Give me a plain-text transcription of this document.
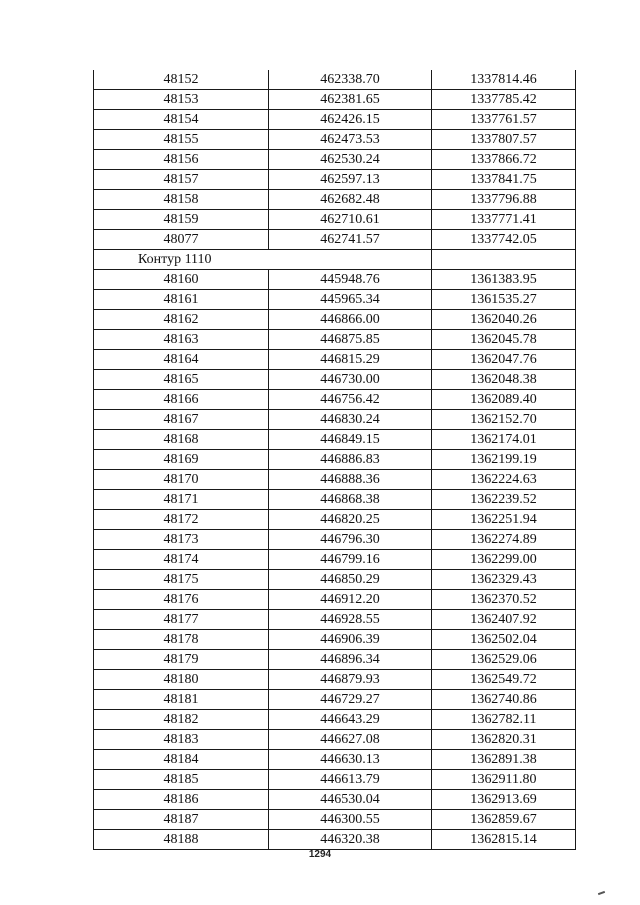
48152	462338.70	1337814.46
48153	462381.65	1337785.42
48154	462426.15	1337761.57
48155	462473.53	1337807.57
48156	462530.24	1337866.72
48157	462597.13	1337841.75
48158	462682.48	1337796.88
48159	462710.61	1337771.41
48077	462741.57	1337742.05
Контур 1110		
48160	445948.76	1361383.95
48161	445965.34	1361535.27
48162	446866.00	1362040.26
48163	446875.85	1362045.78
48164	446815.29	1362047.76
48165	446730.00	1362048.38
48166	446756.42	1362089.40
48167	446830.24	1362152.70
48168	446849.15	1362174.01
48169	446886.83	1362199.19
48170	446888.36	1362224.63
48171	446868.38	1362239.52
48172	446820.25	1362251.94
48173	446796.30	1362274.89
48174	446799.16	1362299.00
48175	446850.29	1362329.43
48176	446912.20	1362370.52
48177	446928.55	1362407.92
48178	446906.39	1362502.04
48179	446896.34	1362529.06
48180	446879.93	1362549.72
48181	446729.27	1362740.86
48182	446643.29	1362782.11
48183	446627.08	1362820.31
48184	446630.13	1362891.38
48185	446613.79	1362911.80
48186	446530.04	1362913.69
48187	446300.55	1362859.67
48188	446320.38	1362815.14
1294
